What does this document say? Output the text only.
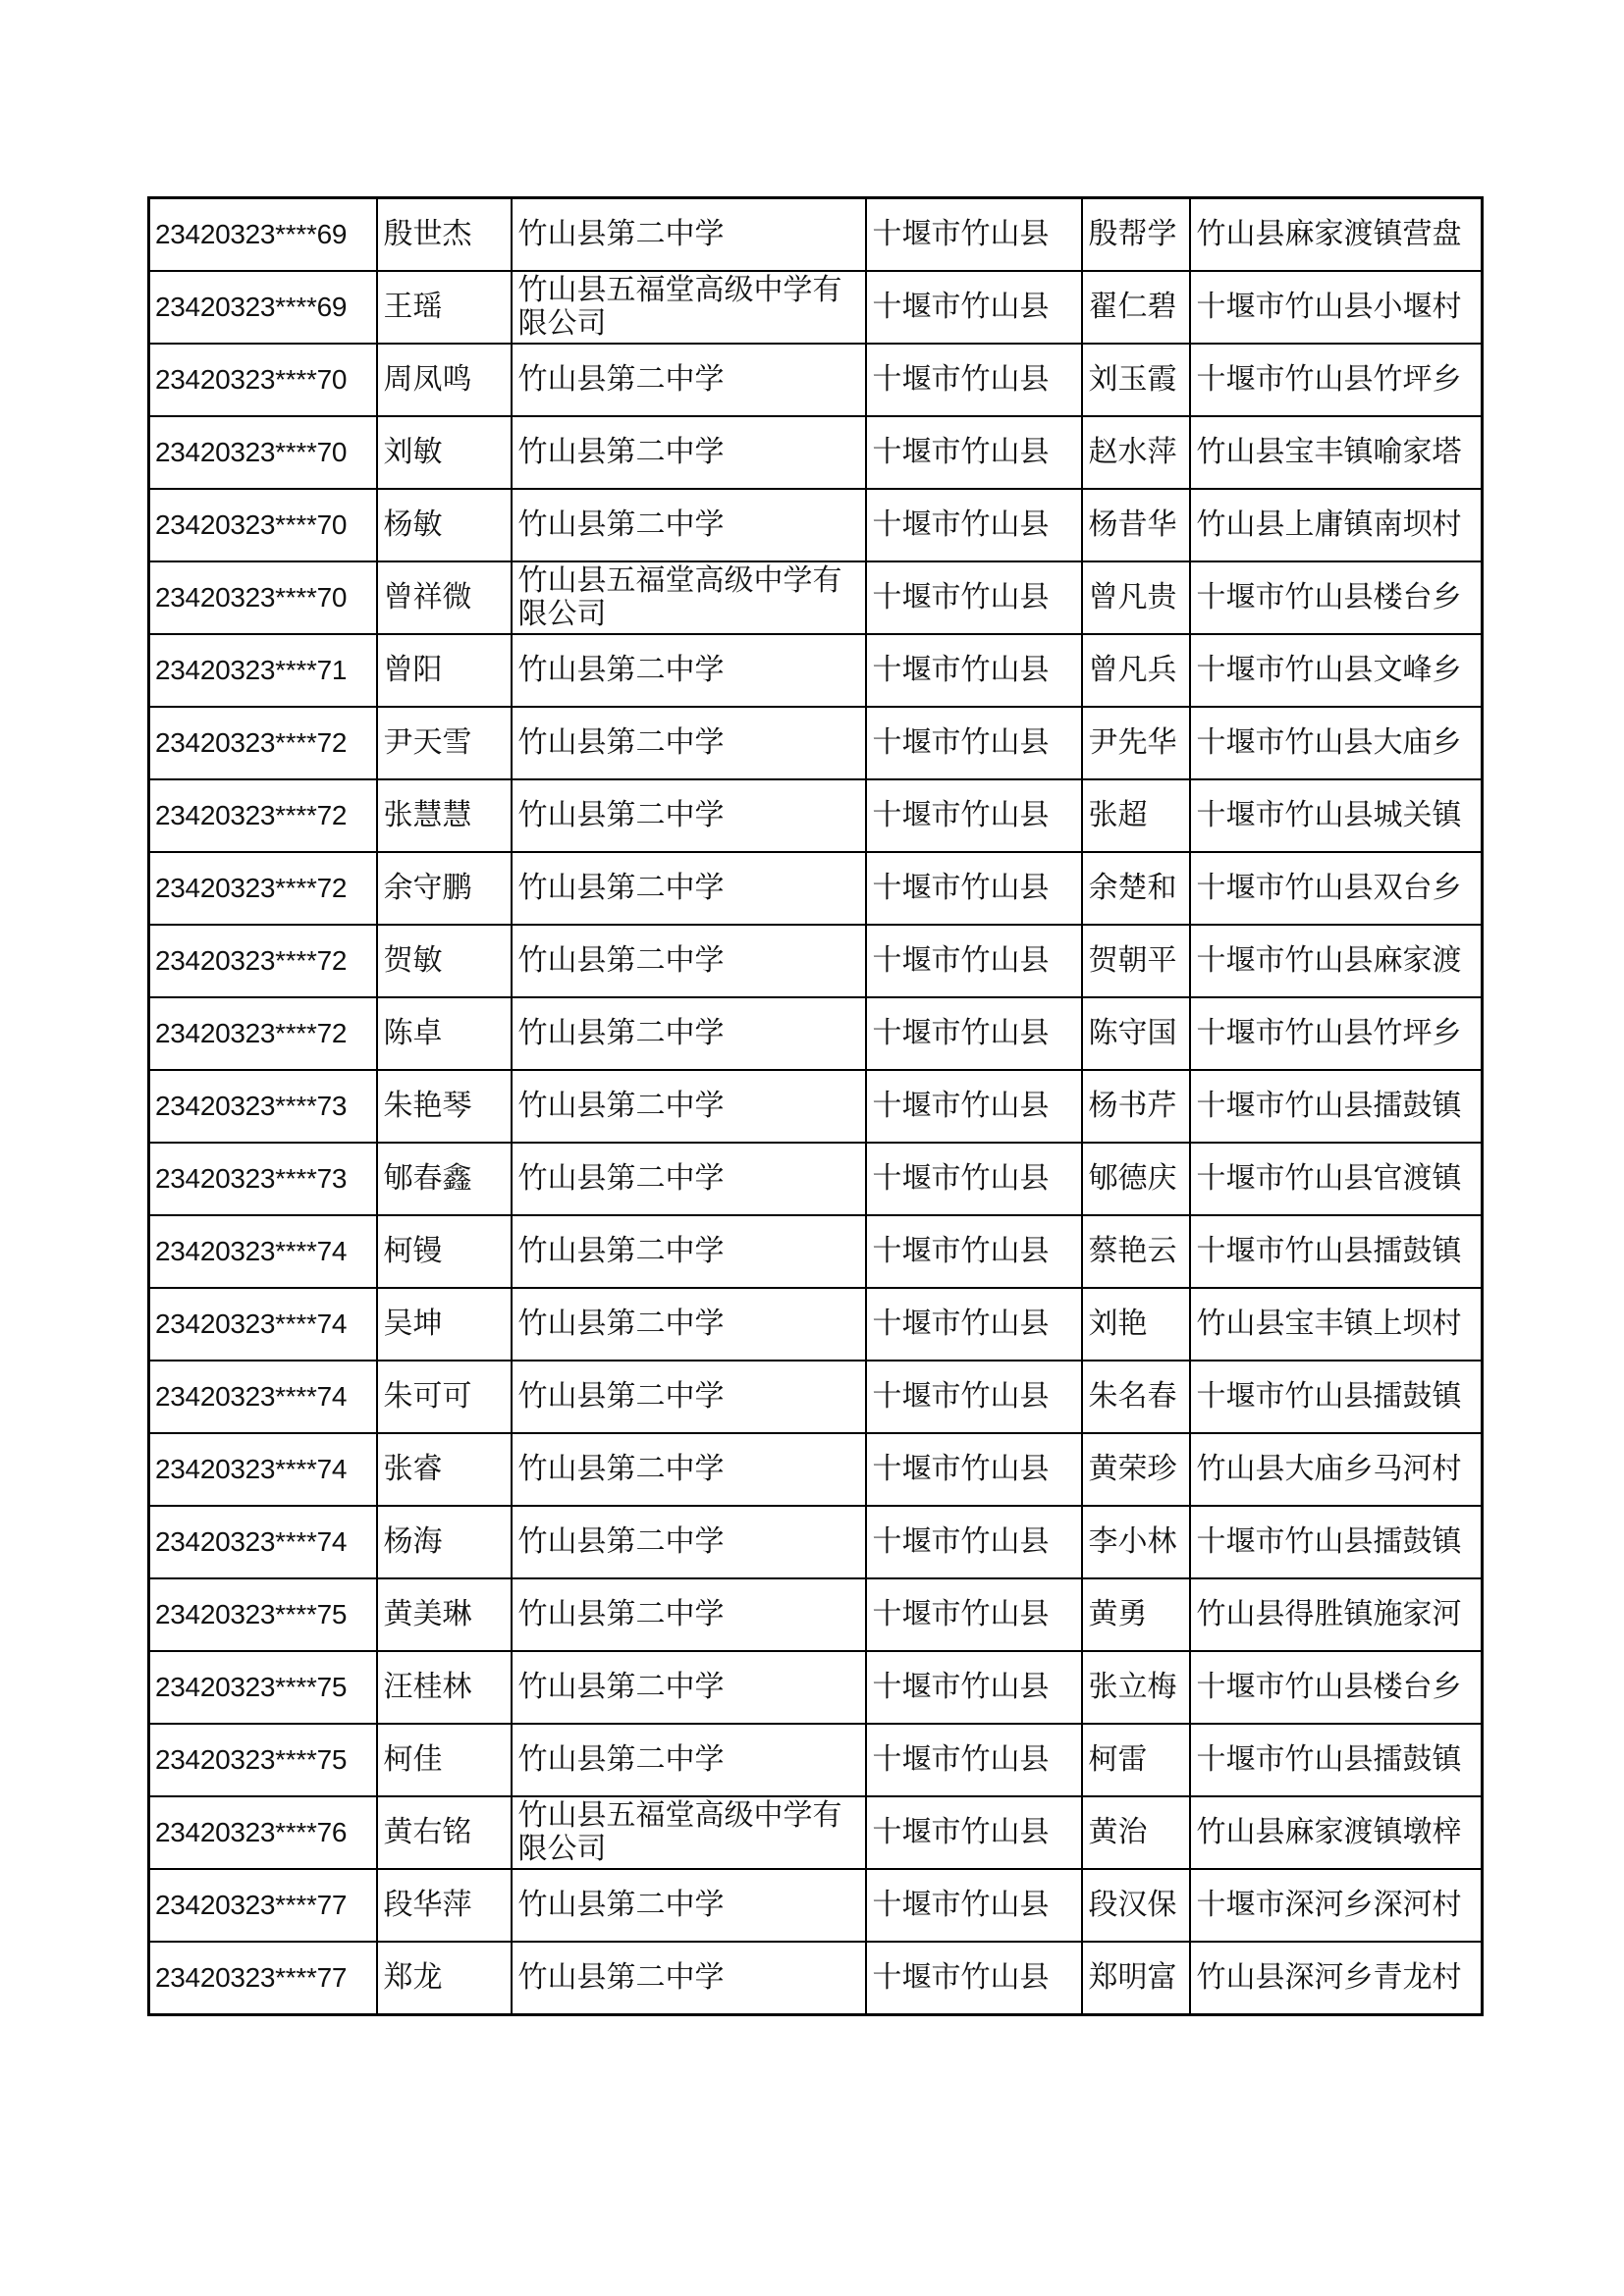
23420323****69	殷世杰	竹山县第二中学	十堰市竹山县	殷帮学	竹山县麻家渡镇营盘
23420323****69	王瑶	竹山县五福堂高级中学有限公司	十堰市竹山县	翟仁碧	十堰市竹山县小堰村
23420323****70	周凤鸣	竹山县第二中学	十堰市竹山县	刘玉霞	十堰市竹山县竹坪乡
23420323****70	刘敏	竹山县第二中学	十堰市竹山县	赵水萍	竹山县宝丰镇喻家塔
23420323****70	杨敏	竹山县第二中学	十堰市竹山县	杨昔华	竹山县上庸镇南坝村
23420323****70	曾祥微	竹山县五福堂高级中学有限公司	十堰市竹山县	曾凡贵	十堰市竹山县楼台乡
23420323****71	曾阳	竹山县第二中学	十堰市竹山县	曾凡兵	十堰市竹山县文峰乡
23420323****72	尹天雪	竹山县第二中学	十堰市竹山县	尹先华	十堰市竹山县大庙乡
23420323****72	张慧慧	竹山县第二中学	十堰市竹山县	张超	十堰市竹山县城关镇
23420323****72	余守鹏	竹山县第二中学	十堰市竹山县	余楚和	十堰市竹山县双台乡
23420323****72	贺敏	竹山县第二中学	十堰市竹山县	贺朝平	十堰市竹山县麻家渡
23420323****72	陈卓	竹山县第二中学	十堰市竹山县	陈守国	十堰市竹山县竹坪乡
23420323****73	朱艳琴	竹山县第二中学	十堰市竹山县	杨书芹	十堰市竹山县擂鼓镇
23420323****73	郇春鑫	竹山县第二中学	十堰市竹山县	郇德庆	十堰市竹山县官渡镇
23420323****74	柯镘	竹山县第二中学	十堰市竹山县	蔡艳云	十堰市竹山县擂鼓镇
23420323****74	吴坤	竹山县第二中学	十堰市竹山县	刘艳	竹山县宝丰镇上坝村
23420323****74	朱可可	竹山县第二中学	十堰市竹山县	朱名春	十堰市竹山县擂鼓镇
23420323****74	张睿	竹山县第二中学	十堰市竹山县	黄荣珍	竹山县大庙乡马河村
23420323****74	杨海	竹山县第二中学	十堰市竹山县	李小林	十堰市竹山县擂鼓镇
23420323****75	黄美琳	竹山县第二中学	十堰市竹山县	黄勇	竹山县得胜镇施家河
23420323****75	汪桂林	竹山县第二中学	十堰市竹山县	张立梅	十堰市竹山县楼台乡
23420323****75	柯佳	竹山县第二中学	十堰市竹山县	柯雷	十堰市竹山县擂鼓镇
23420323****76	黄右铭	竹山县五福堂高级中学有限公司	十堰市竹山县	黄治	竹山县麻家渡镇墩梓
23420323****77	段华萍	竹山县第二中学	十堰市竹山县	段汉保	十堰市深河乡深河村
23420323****77	郑龙	竹山县第二中学	十堰市竹山县	郑明富	竹山县深河乡青龙村
